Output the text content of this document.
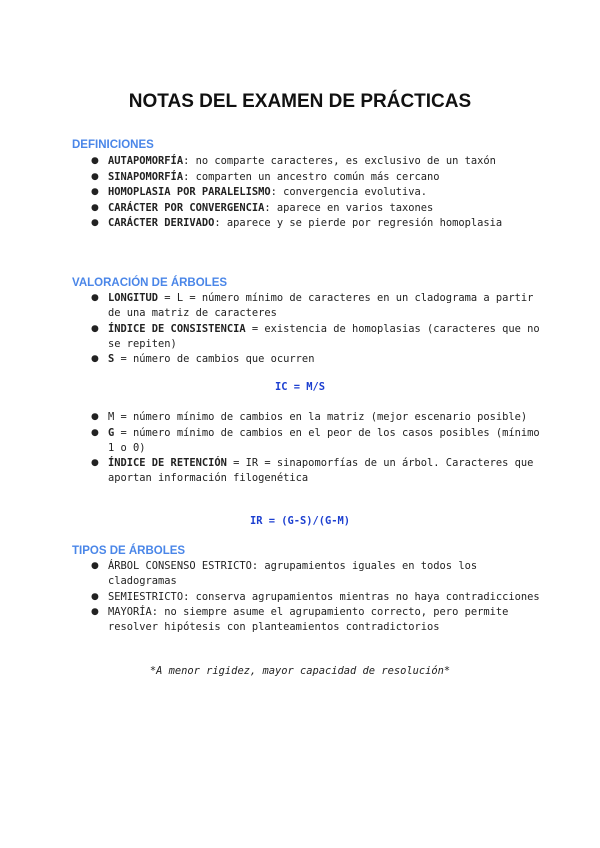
NOTAS DEL EXAMEN DE PRÁCTICAS
DEFINICIONES
● AUTAPOMORFÍA: no comparte caracteres, es exclusivo de un taxón
● SINAPOMORFÍA: comparten un ancestro común más cercano
● HOMOPLASIA POR PARALELISMO: convergencia evolutiva.
● CARÁCTER POR CONVERGENCIA: aparece en varios taxones
● CARÁCTER DERIVADO: aparece y se pierde por regresión homoplasia
VALORACIÓN DE ÁRBOLES
● LONGITUD = L = número mínimo de caracteres en un cladograma a partir de una matriz de caracteres
● ÍNDICE DE CONSISTENCIA = existencia de homoplasias (caracteres que no se repiten)
● S = número de cambios que ocurren
IC = M/S
● M = número mínimo de cambios en la matriz (mejor escenario posible)
● G = número mínimo de cambios en el peor de los casos posibles (mínimo 1 o 0)
● ÍNDICE DE RETENCIÓN = IR = sinapomorfías de un árbol. Caracteres que aportan información filogenética
IR = (G-S)/(G-M)
TIPOS DE ÁRBOLES
● ÁRBOL CONSENSO ESTRICTO: agrupamientos iguales en todos los cladogramas
● SEMIESTRICTO: conserva agrupamientos mientras no haya contradicciones
● MAYORÍA: no siempre asume el agrupamiento correcto, pero permite resolver hipótesis con planteamientos contradictorios
*A menor rigidez, mayor capacidad de resolución*
